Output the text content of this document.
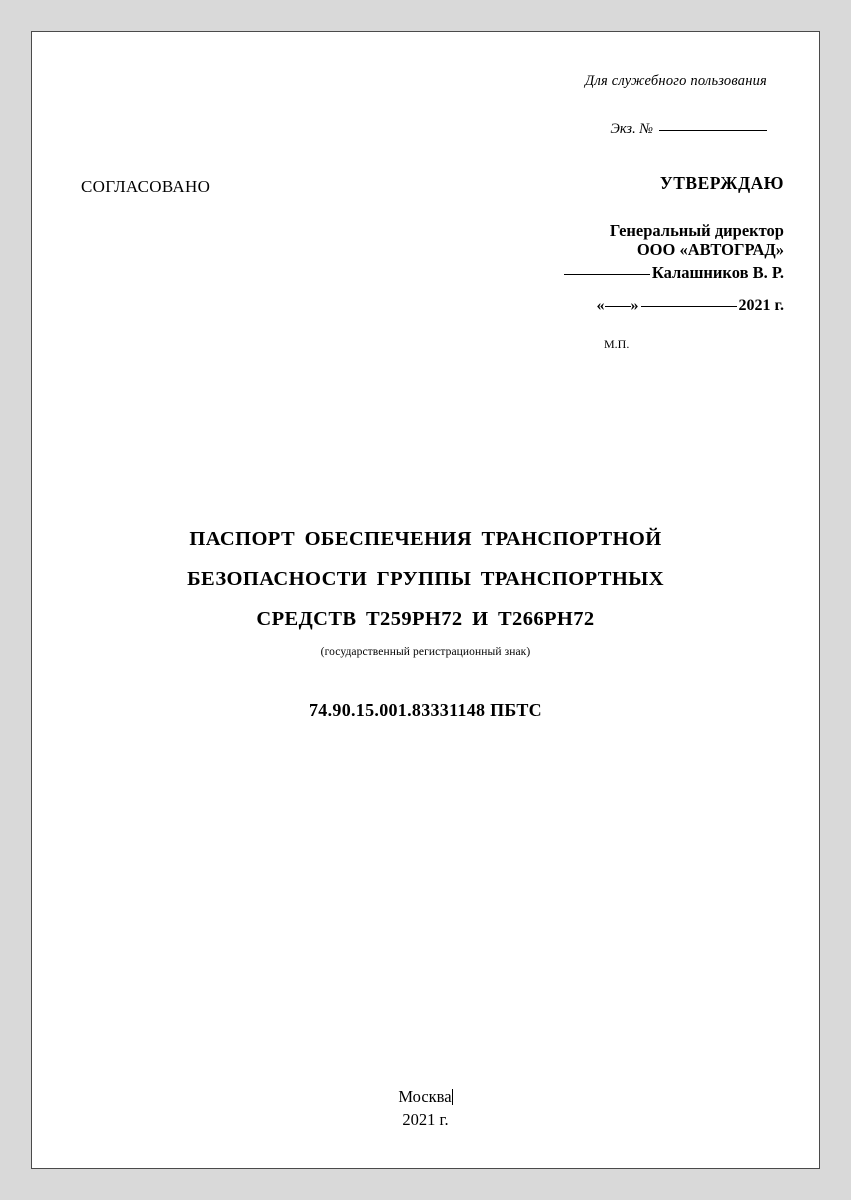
Для служебного пользования
Экз. №
СОГЛАСОВАНО	УТВЕРЖДАЮ
Генеральный директор
ООО «АВТОГРАД»
Калашников В. Р.
« »	2021 г.
М.П.
ПАСПОРТ ОБЕСПЕЧЕНИЯ ТРАНСПОРТНОЙ
БЕЗОПАСНОСТИ ГРУППЫ ТРАНСПОРТНЫХ
СРЕДСТВ Т259РН72 И Т266РН72
(государственный регистрационный знак)
74.90.15.001.83331148 ПБТС
Москва
2021 г.
